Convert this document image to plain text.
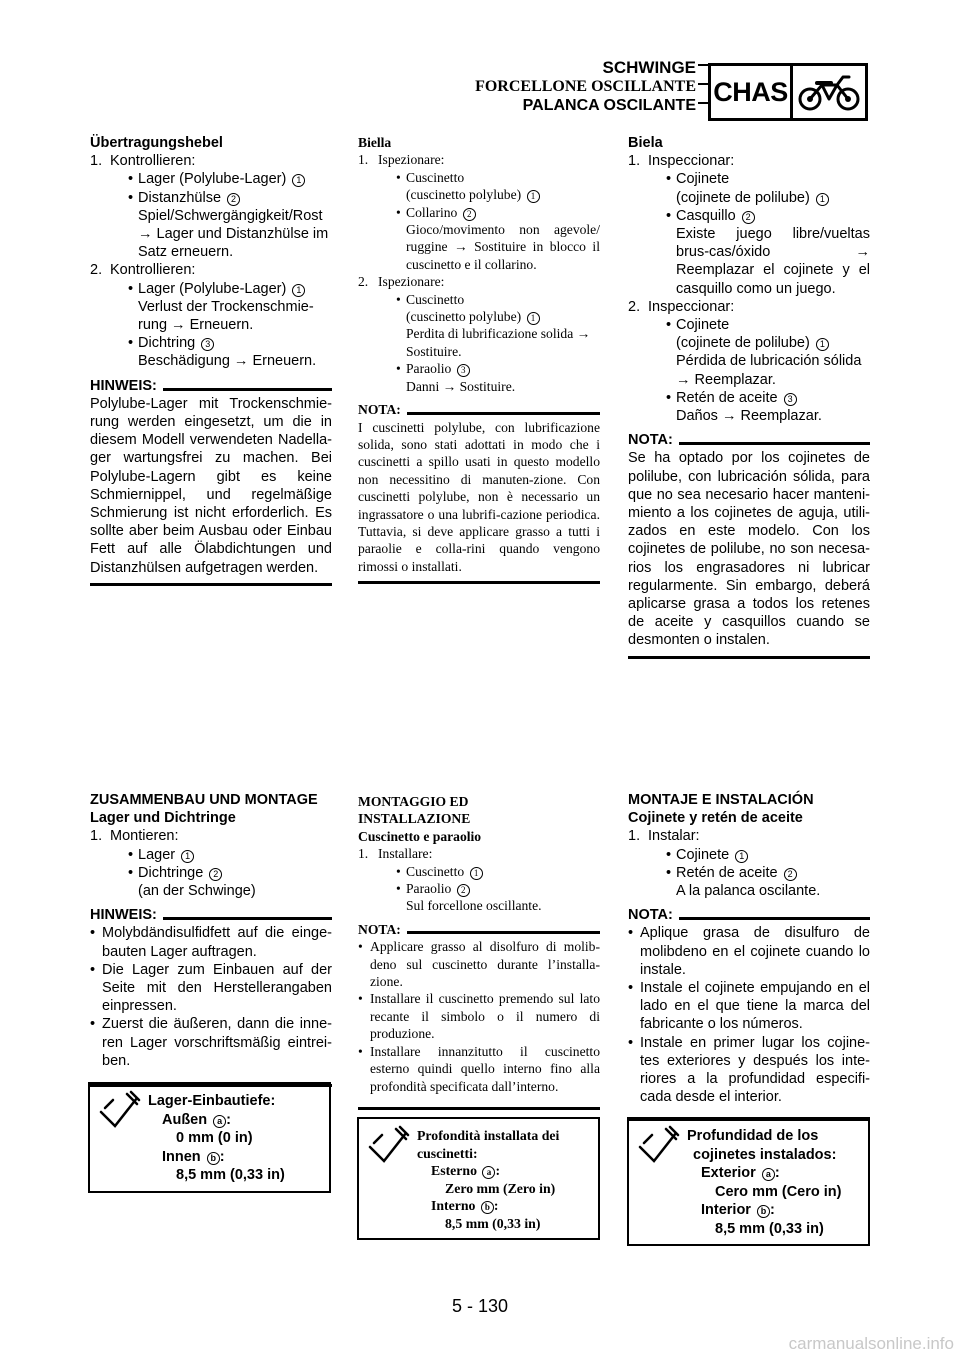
SCHWINGE
FORCELLONE OSCILLANTE
PALANCA OSCILANTE CHAS
Übertragungshebel
1. Kontrollieren:
• Lager (Polylube-Lager) 1
• Distanzhülse 2
Spiel/Schwergängigkeit/Rost
→ Lager und Distanzhülse im Satz erneuern.
2. Kontrollieren:
• Lager (Polylube-Lager) 1
Verlust der Trockenschmie-rung → Erneuern.
• Dichtring 3
Beschädigung → Erneuern.
HINWEIS:
Polylube-Lager mit Trockenschmie-rung werden eingesetzt, um die in diesem Modell verwendeten Nadella-ger wartungsfrei zu machen. Bei Polylube-Lagern gibt es keine Schmiernippel, und regelmäßige Schmierung ist nicht erforderlich. Es sollte aber beim Ausbau oder Einbau Fett auf alle Ölabdichtungen und Distanzhülsen aufgetragen werden.
Biella
1. Ispezionare:
• Cuscinetto
(cuscinetto polylube) 1
• Collarino 2
Gioco/movimento non agevole/ ruggine → Sostituire in blocco il cuscinetto e il collarino.
2. Ispezionare:
• Cuscinetto
(cuscinetto polylube) 1
Perdita di lubrificazione solida → Sostituire.
• Paraolio 3
Danni → Sostituire.
NOTA:
I cuscinetti polylube, con lubrificazione solida, sono stati adottati in modo che i cuscinetti a spillo usati in questo modello non necessitino di manuten-zione. Con cuscinetti polylube, non è necessario un ingrassatore o una lubrifi-cazione periodica. Tuttavia, si deve applicare grasso a tutti i paraolie e colla-rini quando vengono rimossi o installati.
Biela
1. Inspeccionar:
• Cojinete
(cojinete de polilube) 1
• Casquillo 2
Existe juego libre/vueltas brus-cas/óxido → Reemplazar el cojinete y el casquillo como un juego.
2. Inspeccionar:
• Cojinete
(cojinete de polilube) 1
Pérdida de lubricación sólida → Reemplazar.
• Retén de aceite 3
Daños → Reemplazar.
NOTA:
Se ha optado por los cojinetes de polilube, con lubricación sólida, para que no sea necesario hacer manteni-miento a los cojinetes de aguja, utili-zados en este modelo. Con los cojinetes de polilube, no son necesa-rios los engrasadores ni lubricar regularmente. Sin embargo, deberá aplicarse grasa a todos los retenes de aceite y casquillos cuando se desmonten o instalen.
ZUSAMMENBAU UND MONTAGE
Lager und Dichtringe
1. Montieren:
• Lager 1
• Dichtringe 2
(an der Schwinge)
HINWEIS:
• Molybdändisulfidfett auf die einge-bauten Lager auftragen.
• Die Lager zum Einbauen auf der Seite mit den Herstellerangaben einpressen.
• Zuerst die äußeren, dann die inne-ren Lager vorschriftsmäßig eintrei-ben.
Lager-Einbautiefe:
Außen a :
0 mm (0 in)
Innen b :
8,5 mm (0,33 in)
MONTAGGIO ED
INSTALLAZIONE
Cuscinetto e paraolio
1. Installare:
• Cuscinetto 1
• Paraolio 2
Sul forcellone oscillante.
NOTA:
• Applicare grasso al disolfuro di molib-deno sul cuscinetto durante l’installa-zione.
• Installare il cuscinetto premendo sul lato recante il simbolo o il numero di produzione.
• Installare innanzitutto il cuscinetto esterno quindi quello interno fino alla profondità specificata dall’interno.
Profondità installata dei
cuscinetti:
Esterno a :
Zero mm (Zero in)
Interno b :
8,5 mm (0,33 in)
MONTAJE E INSTALACIÓN
Cojinete y retén de aceite
1. Instalar:
• Cojinete 1
• Retén de aceite 2
A la palanca oscilante.
NOTA:
• Aplique grasa de disulfuro de molibdeno en el cojinete cuando lo instale.
• Instale el cojinete empujando en el lado en el que tiene la marca del fabricante o los números.
• Instale en primer lugar los cojine-tes exteriores y después los inte-riores a la profundidad especifi-cada desde el interior.
Profundidad de los
cojinetes instalados:
Exterior a :
Cero mm (Cero in)
Interior b :
8,5 mm (0,33 in)
5 - 130
carmanualsonline.info
